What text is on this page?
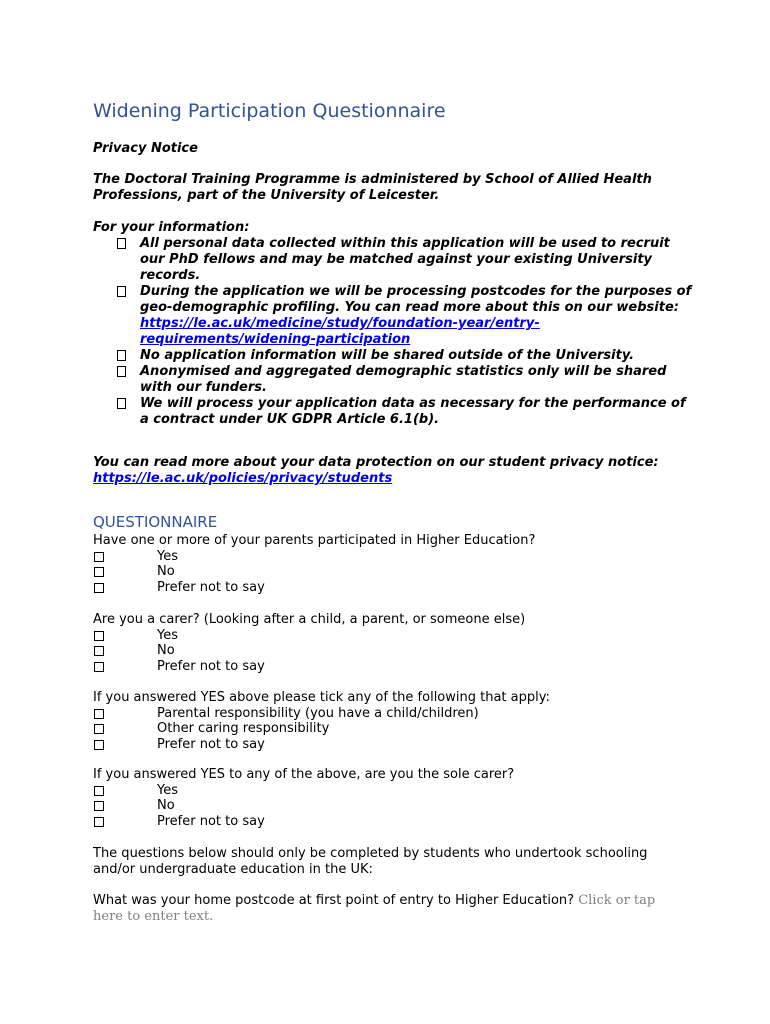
Widening Participation Questionnaire
Privacy Notice
The Doctoral Training Programme is administered by School of Allied Health Professions, part of the University of Leicester.
For your information:
All personal data collected within this application will be used to recruit our PhD fellows and may be matched against your existing University records.
During the application we will be processing postcodes for the purposes of geo-demographic profiling. You can read more about this on our website: https://le.ac.uk/medicine/study/foundation-year/entry-requirements/widening-participation
No application information will be shared outside of the University.
Anonymised and aggregated demographic statistics only will be shared with our funders.
We will process your application data as necessary for the performance of a contract under UK GDPR Article 6.1(b).
You can read more about your data protection on our student privacy notice: https://le.ac.uk/policies/privacy/students
QUESTIONNAIRE
Have one or more of your parents participated in Higher Education?
Yes
No
Prefer not to say
Are you a carer? (Looking after a child, a parent, or someone else)
Yes
No
Prefer not to say
If you answered YES above please tick any of the following that apply:
Parental responsibility (you have a child/children)
Other caring responsibility
Prefer not to say
If you answered YES to any of the above, are you the sole carer?
Yes
No
Prefer not to say
The questions below should only be completed by students who undertook schooling and/or undergraduate education in the UK:
What was your home postcode at first point of entry to Higher Education? Click or tap here to enter text.
